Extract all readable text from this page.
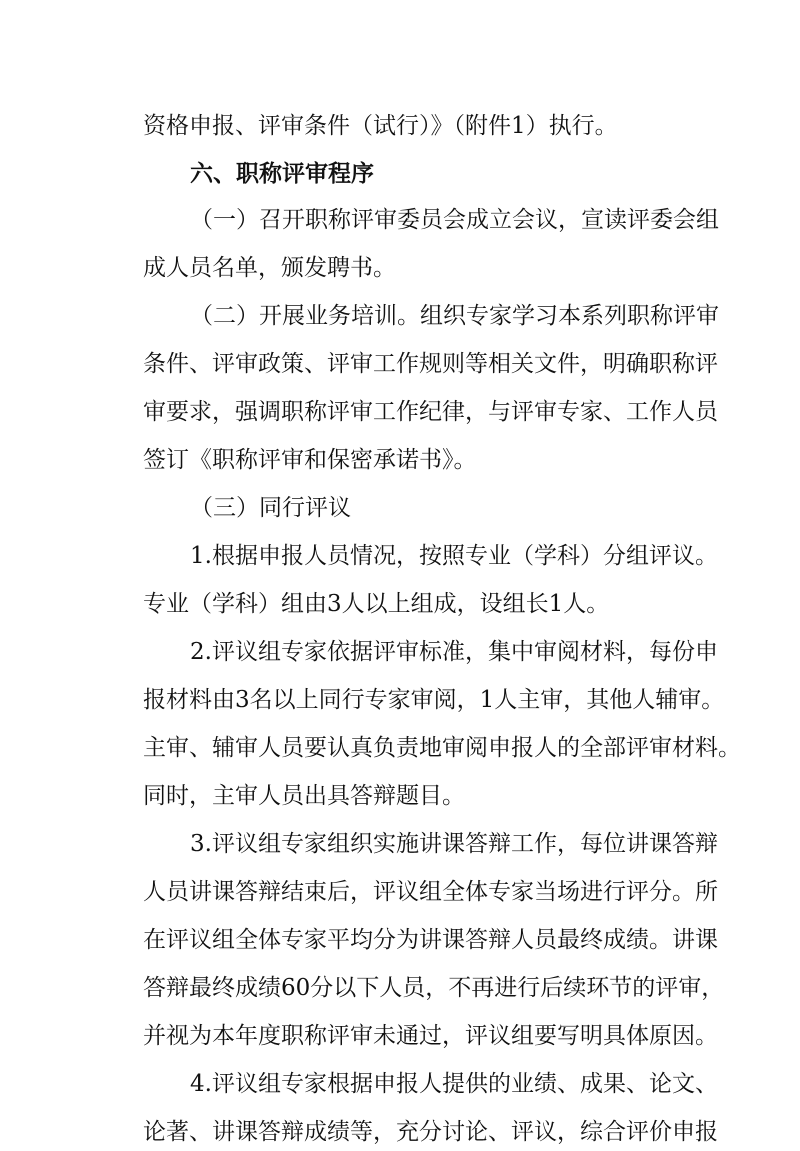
资格申报、评审条件（试行）》（附件1）执行。
六、职称评审程序
（一）召开职称评审委员会成立会议，宣读评委会组
成人员名单，颁发聘书。
（二）开展业务培训。组织专家学习本系列职称评审
条件、评审政策、评审工作规则等相关文件，明确职称评
审要求，强调职称评审工作纪律，与评审专家、工作人员
签订《职称评审和保密承诺书》。
（三）同行评议
1.根据申报人员情况，按照专业（学科）分组评议。
专业（学科）组由3人以上组成，设组长1人。
2.评议组专家依据评审标准，集中审阅材料，每份申
报材料由3名以上同行专家审阅，1人主审，其他人辅审。
主审、辅审人员要认真负责地审阅申报人的全部评审材料。
同时，主审人员出具答辩题目。
3.评议组专家组织实施讲课答辩工作，每位讲课答辩
人员讲课答辩结束后，评议组全体专家当场进行评分。所
在评议组全体专家平均分为讲课答辩人员最终成绩。讲课
答辩最终成绩60分以下人员，不再进行后续环节的评审，
并视为本年度职称评审未通过，评议组要写明具体原因。
4.评议组专家根据申报人提供的业绩、成果、论文、
论著、讲课答辩成绩等，充分讨论、评议，综合评价申报
